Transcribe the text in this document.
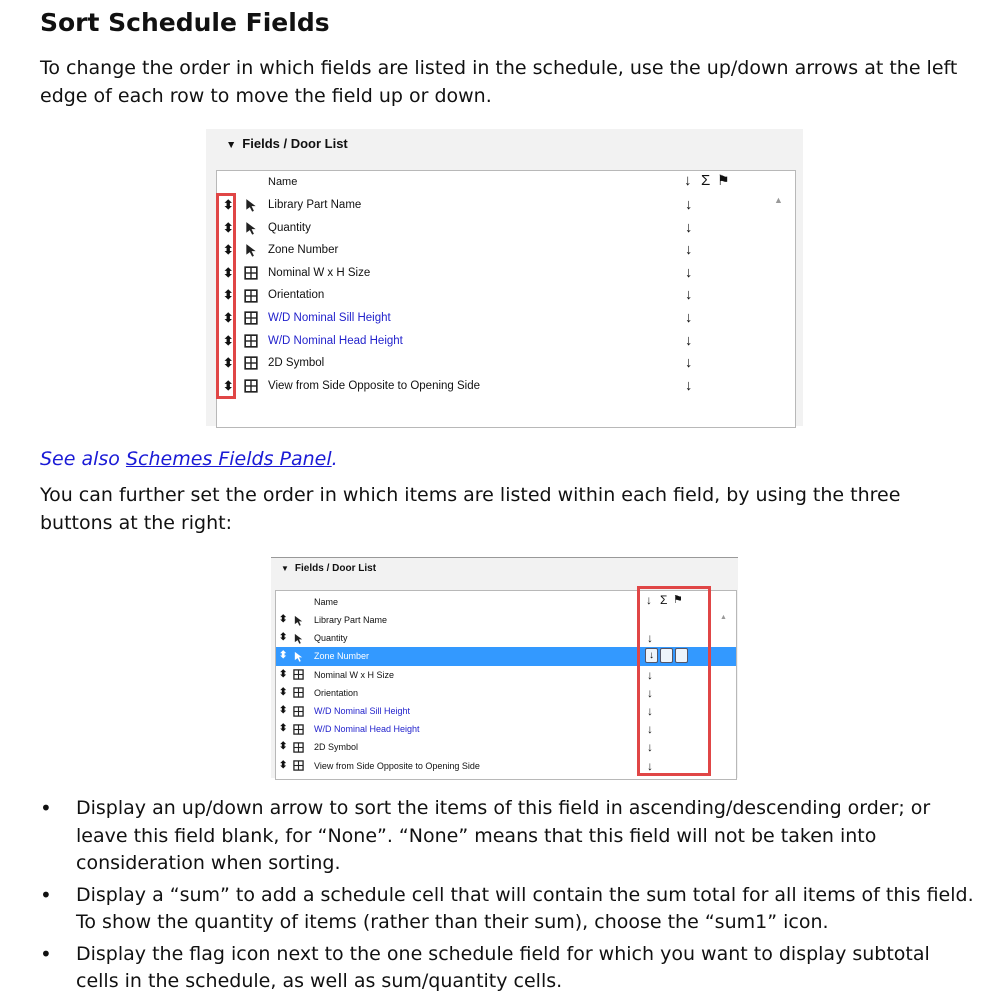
Sort Schedule Fields

To change the order in which fields are listed in the schedule, use the up/down arrows at the left edge of each row to move the field up or down.

▼ Fields / Door List
Name	↓ Σ ⚑
▲
⬍	Library Part Name	↓
⬍	Quantity	↓
⬍	Zone Number	↓
⬍	Nominal W x H Size	↓
⬍	Orientation	↓
⬍	W/D Nominal Sill Height	↓
⬍	W/D Nominal Head Height	↓
⬍	2D Symbol	↓
⬍	View from Side Opposite to Opening Side	↓

See also Schemes Fields Panel.

You can further set the order in which items are listed within each field, by using the three buttons at the right:

▼ Fields / Door List
Name	↓ Σ ⚑
▲
⬍	Library Part Name
⬍	Quantity	↓
⬍	Zone Number	↓
⬍	Nominal W x H Size	↓
⬍	Orientation	↓
⬍	W/D Nominal Sill Height	↓
⬍	W/D Nominal Head Height	↓
⬍	2D Symbol	↓
⬍	View from Side Opposite to Opening Side	↓
• Display an up/down arrow to sort the items of this field in ascending/descending order; or leave this field blank, for “None”. “None” means that this field will not be taken into consideration when sorting.
• Display a “sum” to add a schedule cell that will contain the sum total for all items of this field. To show the quantity of items (rather than their sum), choose the “sum1” icon.
• Display the flag icon next to the one schedule field for which you want to display subtotal cells in the schedule, as well as sum/quantity cells.
